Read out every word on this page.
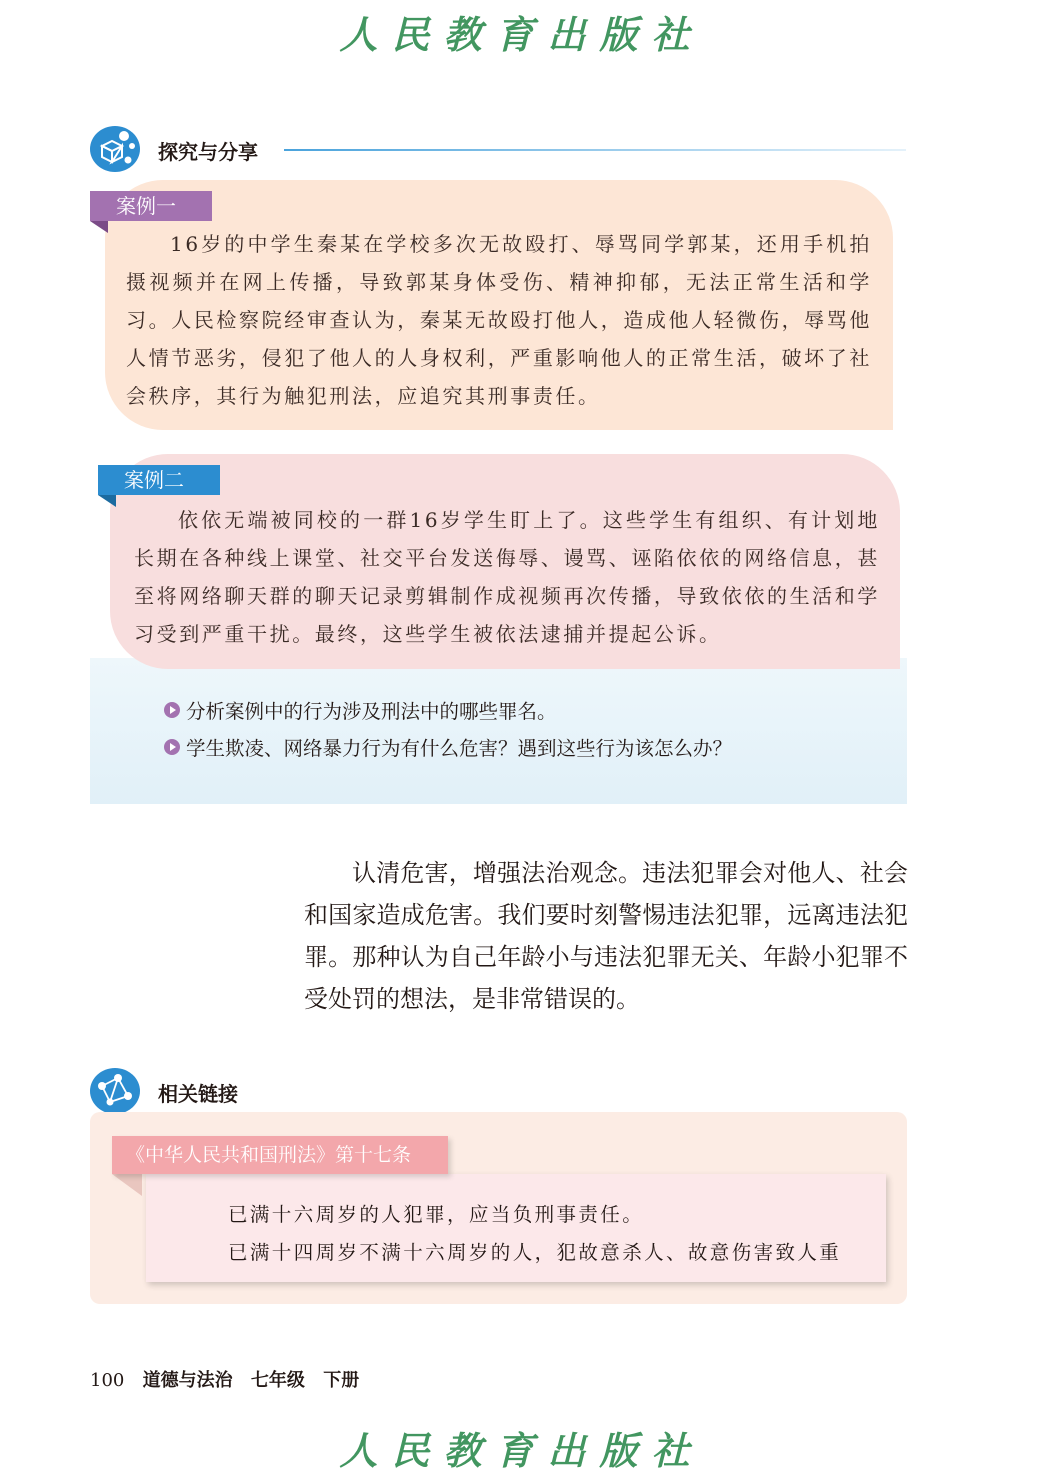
人民教育出版社
探究与分享
案例一

16岁的中学生秦某在学校多次无故殴打、辱骂同学郭某，还用手机拍摄视频并在网上传播，导致郭某身体受伤、精神抑郁，无法正常生活和学习。人民检察院经审查认为，秦某无故殴打他人，造成他人轻微伤，辱骂他人情节恶劣，侵犯了他人的人身权利，严重影响他人的正常生活，破坏了社会秩序，其行为触犯刑法，应追究其刑事责任。

案例二

依依无端被同校的一群16岁学生盯上了。这些学生有组织、有计划地长期在各种线上课堂、社交平台发送侮辱、谩骂、诬陷依依的网络信息，甚至将网络聊天群的聊天记录剪辑制作成视频再次传播，导致依依的生活和学习受到严重干扰。最终，这些学生被依法逮捕并提起公诉。

分析案例中的行为涉及刑法中的哪些罪名。
学生欺凌、网络暴力行为有什么危害？遇到这些行为该怎么办？

认清危害，增强法治观念。违法犯罪会对他人、社会和国家造成危害。我们要时刻警惕违法犯罪，远离违法犯罪。那种认为自己年龄小与违法犯罪无关、年龄小犯罪不受处罚的想法，是非常错误的。

相关链接
《中华人民共和国刑法》第十七条

已满十六周岁的人犯罪，应当负刑事责任。

已满十四周岁不满十六周岁的人，犯故意杀人、故意伤害致人重

100 道德与法治 七年级 下册
人民教育出版社
